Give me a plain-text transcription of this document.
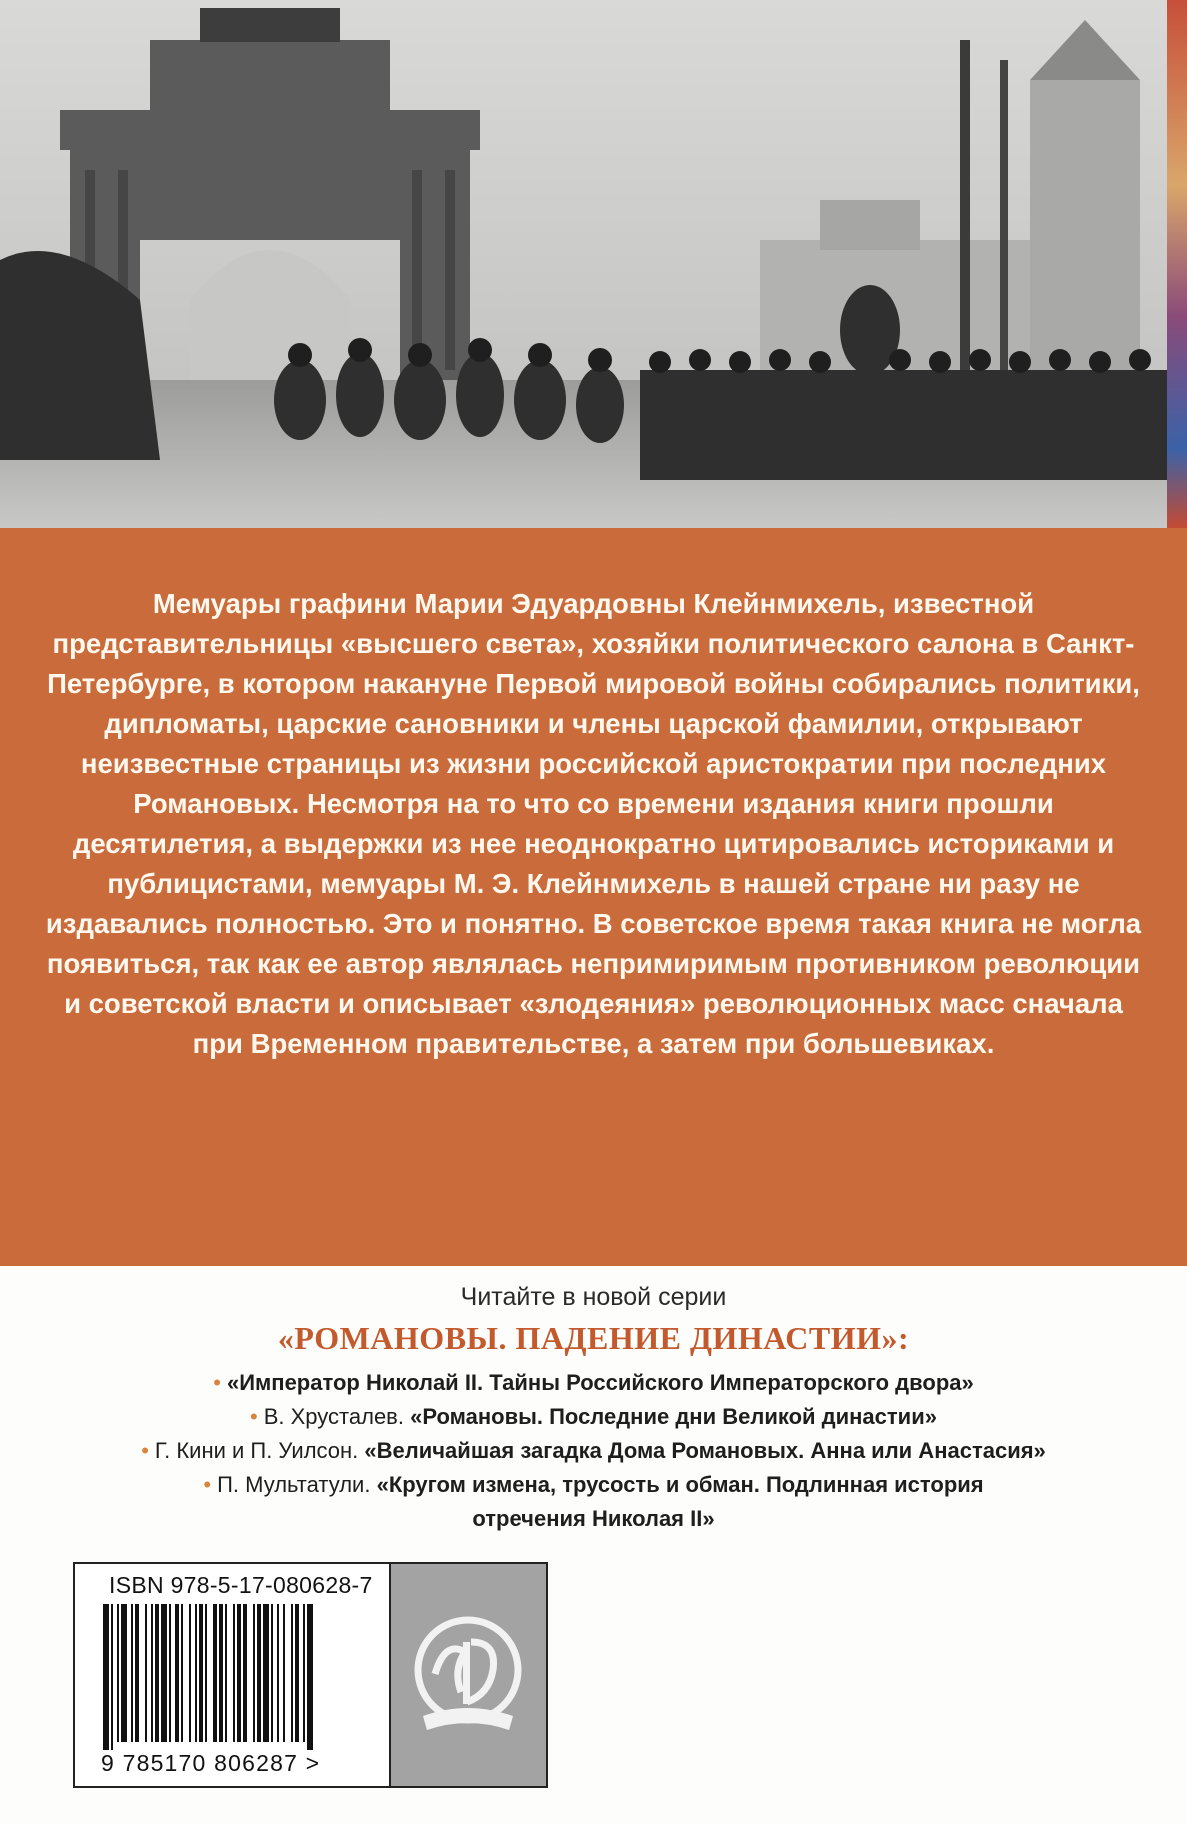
Мемуары графини Марии Эдуардовны Клейнмихель, известной представительницы «высшего света», хозяйки политического салона в Санкт-Петербурге, в котором накануне Первой мировой войны собирались политики, дипломаты, царские сановники и члены царской фамилии, открывают неизвестные страницы из жизни российской аристократии при последних Романовых. Несмотря на то что со времени издания книги прошли десятилетия, а выдержки из нее неоднократно цитировались историками и публицистами, мемуары М. Э. Клейнмихель в нашей стране ни разу не издавались полностью. Это и понятно. В советское время такая книга не могла появиться, так как ее автор являлась непримиримым противником революции и советской власти и описывает «злодеяния» революционных масс сначала при Временном правительстве, а затем при большевиках.

Читайте в новой серии

«РОМАНОВЫ. ПАДЕНИЕ ДИНАСТИИ»:

• «Император Николай II. Тайны Российского Императорского двора»
• В. Хрусталев. «Романовы. Последние дни Великой династии»
• Г. Кини и П. Уилсон. «Величайшая загадка Дома Романовых. Анна или Анастасия»
• П. Мультатули. «Кругом измена, трусость и обман. Подлинная история отречения Николая II»
ISBN 978-5-17-080628-7
9 785170 806287 >
